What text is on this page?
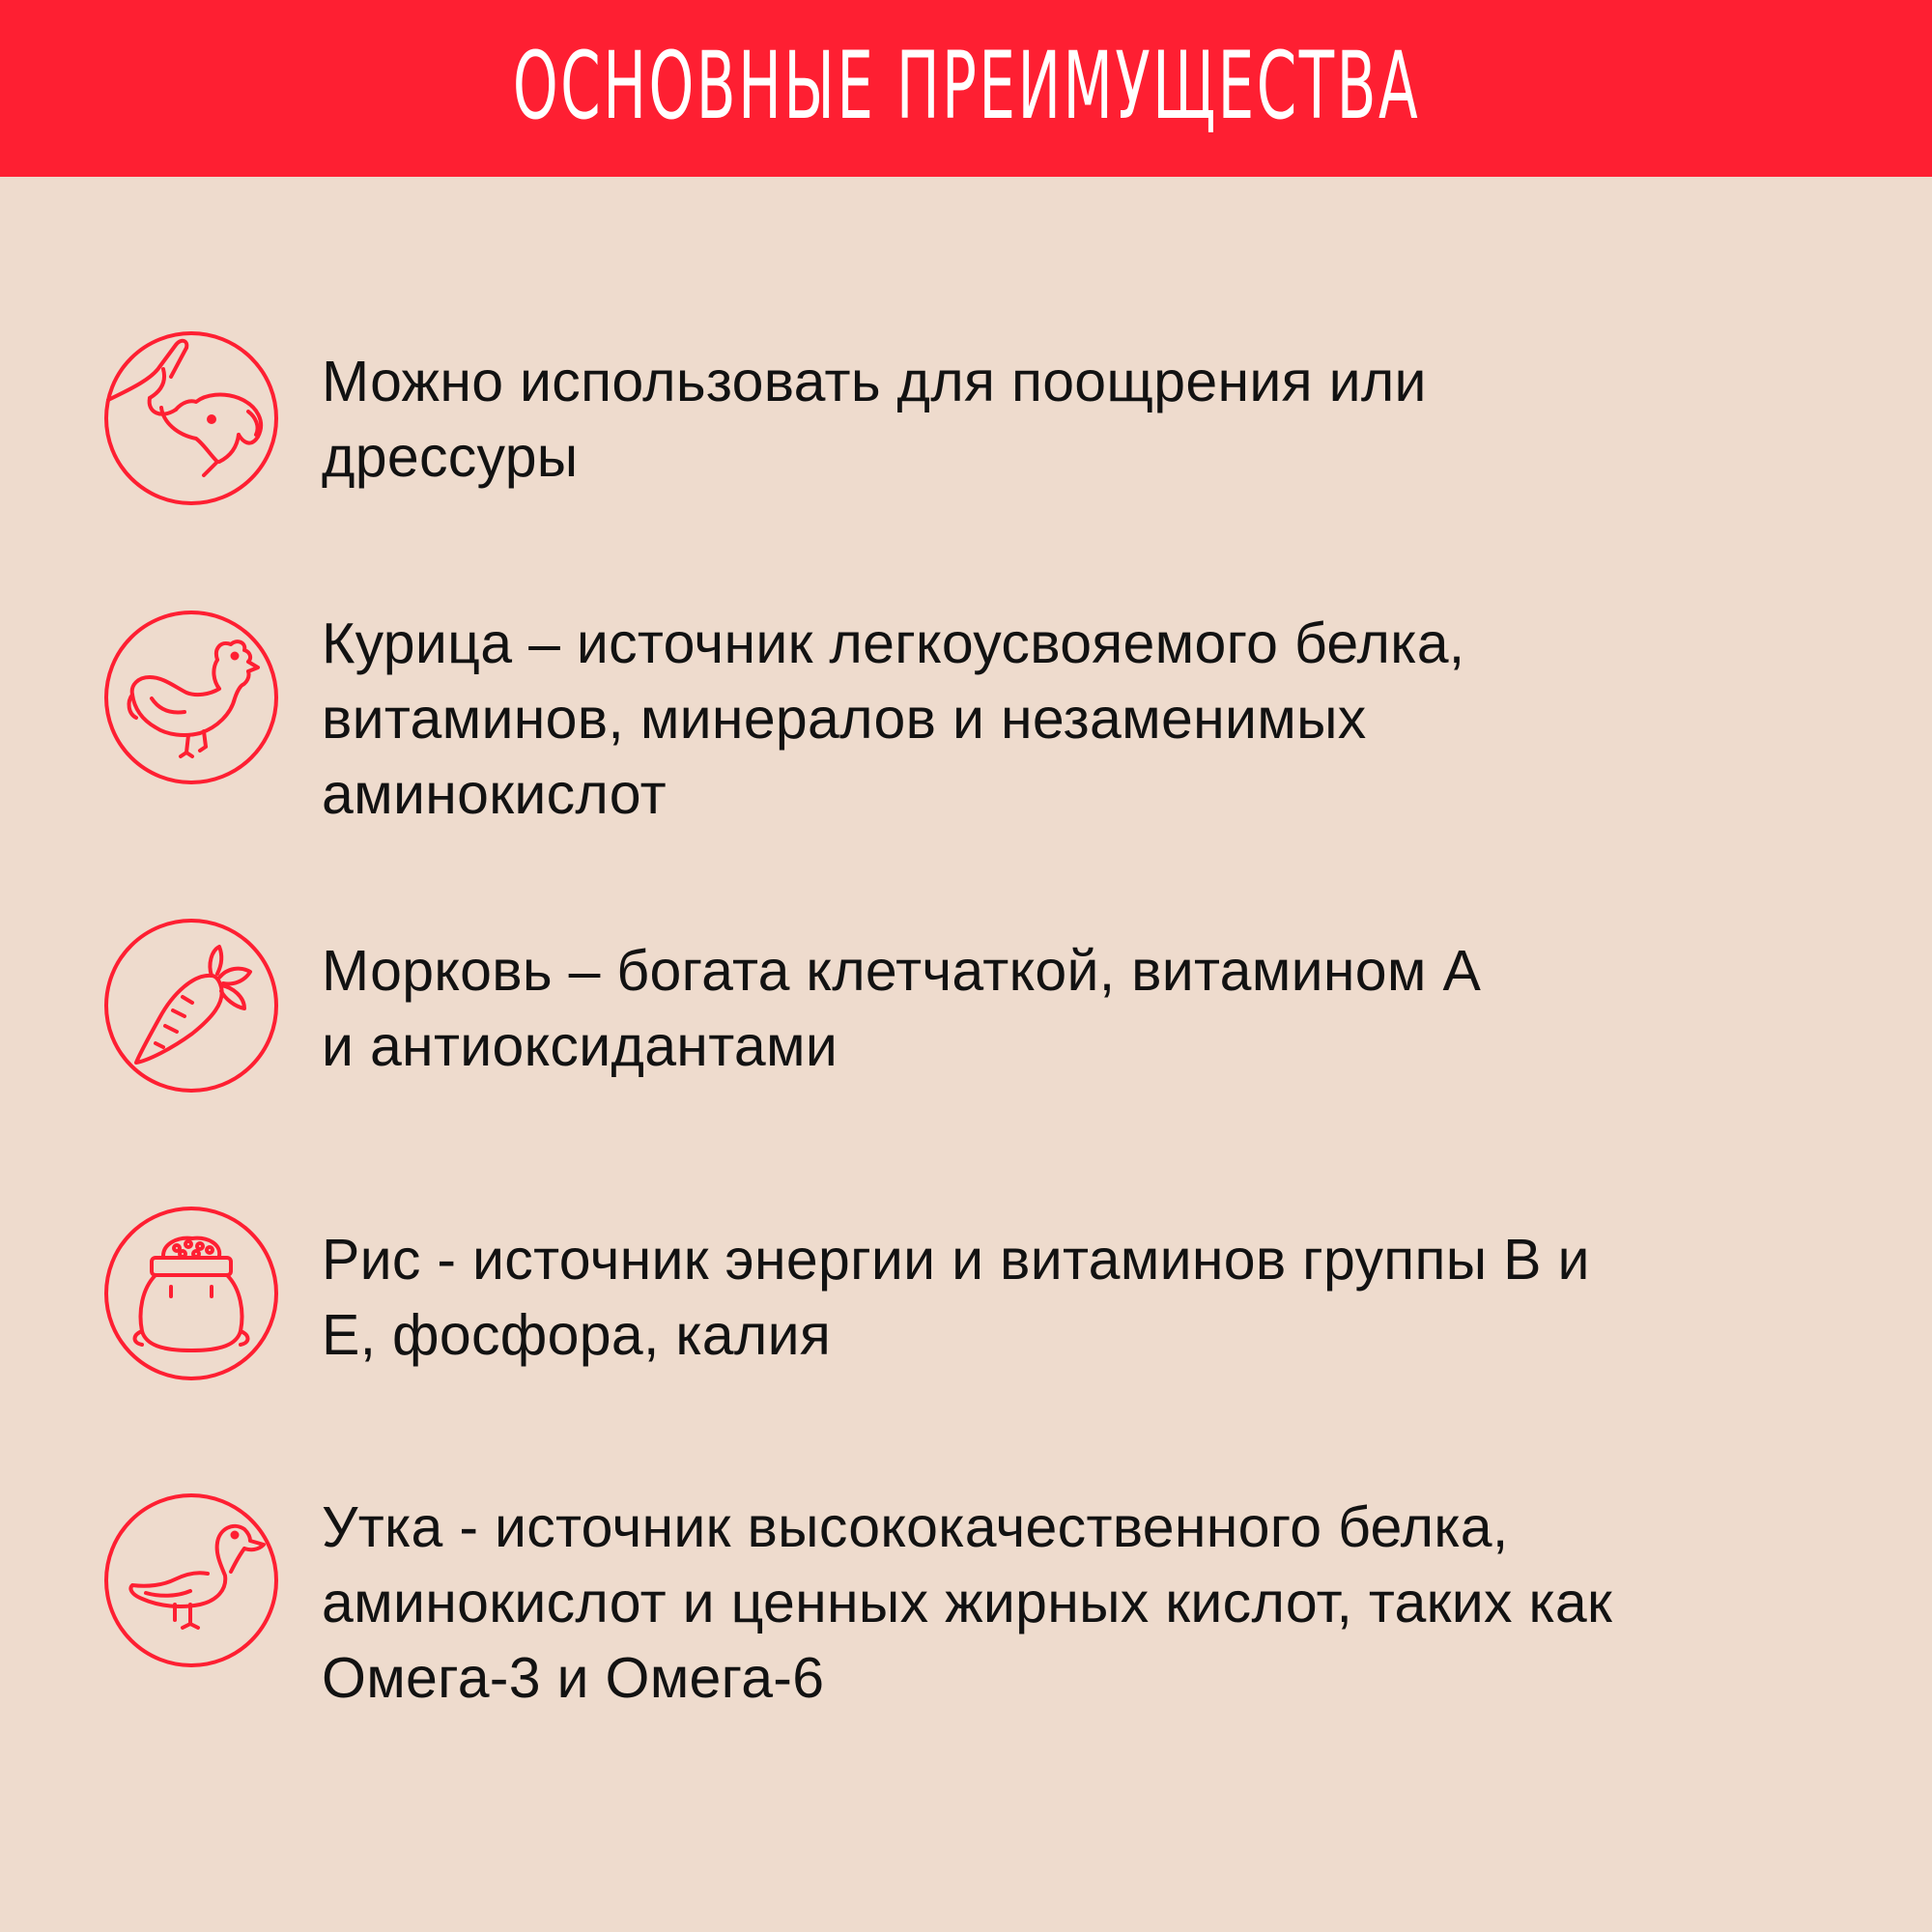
ОСНОВНЫЕ ПРЕИМУЩЕСТВА
Можно использовать для поощрения или
дрессуры
Курица – источник легкоусвояемого белка,
витаминов, минералов и незаменимых
аминокислот
Морковь – богата клетчаткой, витамином А
и антиоксидантами
Рис - источник энергии и витаминов группы В и
Е, фосфора, калия
Утка - источник высококачественного белка,
аминокислот и ценных жирных кислот, таких как
Омега-3 и Омега-6
